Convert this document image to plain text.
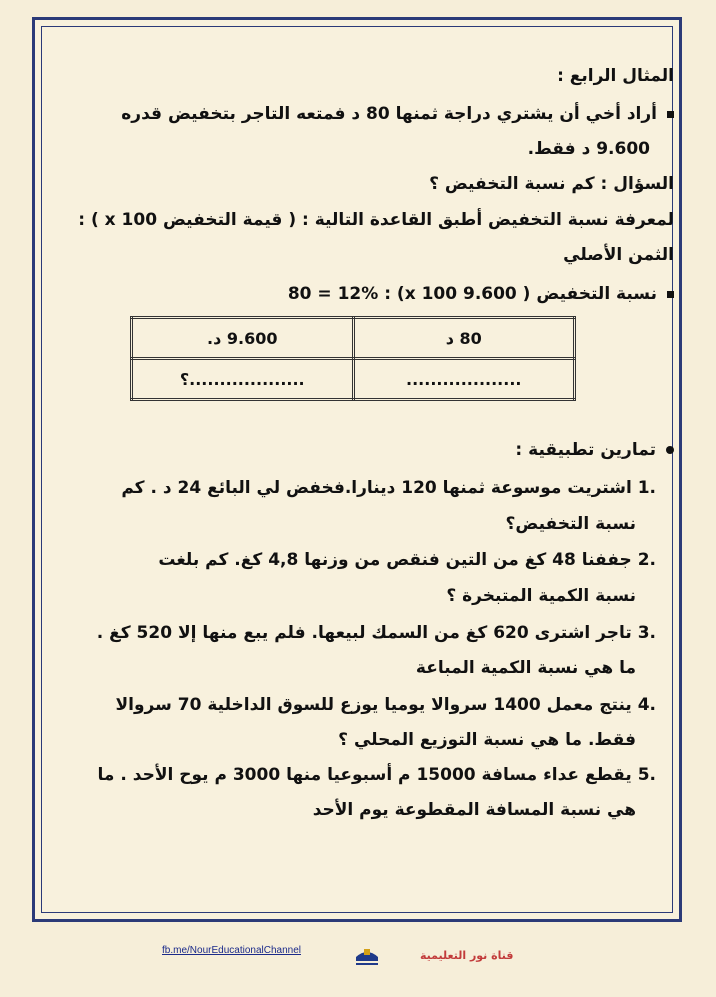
المثال الرابع :
أراد أخي أن يشتري دراجة ثمنها 80 د فمتعه التاجر بتخفيض قدره
9.600 د فقط.
السؤال : كم نسبة التخفيض ؟
لمعرفة نسبة التخفيض أطبق القاعدة التالية : ( قيمة التخفيض x 100 ) :
الثمن الأصلي
نسبة التخفيض ( 9.600 x 100) : 80 = 12%
تمارين تطبيقية :
.1 اشتريت موسوعة ثمنها 120 دينارا.فخفض لي البائع 24 د . كم
نسبة التخفيض؟
.2 جففنا 48 كغ من التين فنقص من وزنها 4,8 كغ. كم بلغت
نسبة الكمية المتبخرة ؟
.3 تاجر اشترى 620 كغ من السمك لبيعها. فلم يبع منها إلا 520 كغ .
ما هي نسبة الكمية المباعة
.4 ينتج معمل 1400 سروالا يوميا يوزع للسوق الداخلية 70 سروالا
فقط. ما هي نسبة التوزيع المحلي ؟
.5 يقطع عداء مسافة 15000 م أسبوعيا منها 3000 م يوح الأحد . ما
هي نسبة المسافة المقطوعة يوم الأحد
80 د	9.600 د.
...................	...................؟
fb.me/NourEducationalChannel	قناة نور التعليمية
